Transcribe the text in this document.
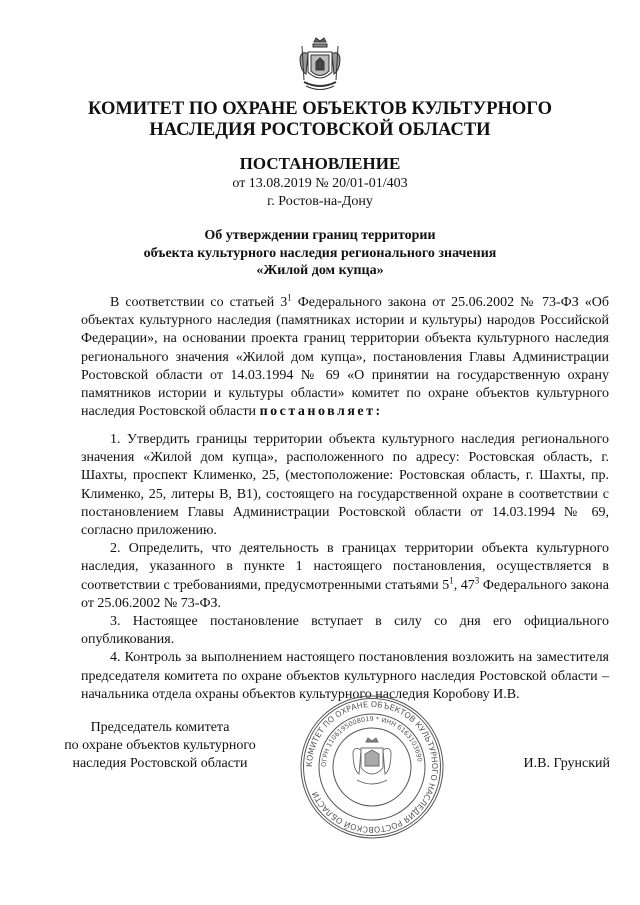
КОМИТЕТ ПО ОХРАНЕ ОБЪЕКТОВ КУЛЬТУРНОГО
НАСЛЕДИЯ РОСТОВСКОЙ ОБЛАСТИ
ПОСТАНОВЛЕНИЕ
от 13.08.2019 № 20/01-01/403
г. Ростов-на-Дону
Об утверждении границ территории
объекта культурного наследия регионального значения
«Жилой дом купца»

В соответствии со статьей $3^1$ Федерального закона от 25.06.2002 № 73-ФЗ «Об объектах культурного наследия (памятниках истории и культуры) народов Российской Федерации», на основании проекта границ территории объекта культурного наследия регионального значения «Жилой дом купца», постановления Главы Администрации Ростовской области от 14.03.1994 № 69 «О принятии на государственную охрану памятников истории и культуры области» комитет по охране объектов культурного наследия Ростовской области постановляет:

1. Утвердить границы территории объекта культурного наследия регионального значения «Жилой дом купца», расположенного по адресу: Ростовская область, г. Шахты, проспект Клименко, 25, (местоположение: Ростовская область, г. Шахты, пр. Клименко, 25, литеры В, В1), состоящего на государственной охране в соответствии с постановлением Главы Администрации Ростовской области от 14.03.1994 № 69, согласно приложению.

2. Определить, что деятельность в границах территории объекта культурного наследия, указанного в пункте 1 настоящего постановления, осуществляется в соответствии с требованиями, предусмотренными статьями $5^1$, $47^3$ Федерального закона от 25.06.2002 № 73-ФЗ.

3. Настоящее постановление вступает в силу со дня его официального опубликования.

4. Контроль за выполнением настоящего постановления возложить на заместителя председателя комитета по охране объектов культурного наследия Ростовской области – начальника отдела охраны объектов культурного наследия Коробову И.В.

КОМИТЕТ ПО ОХРАНЕ ОБЪЕКТОВ КУЛЬТУРНОГО НАСЛЕДИЯ РОСТОВСКОЙ ОБЛАСТИ
ОГРН 1106195008019 * ИНН 6163103690
Председатель комитета
по охране объектов культурного
наследия Ростовской области	И.В. Грунский
